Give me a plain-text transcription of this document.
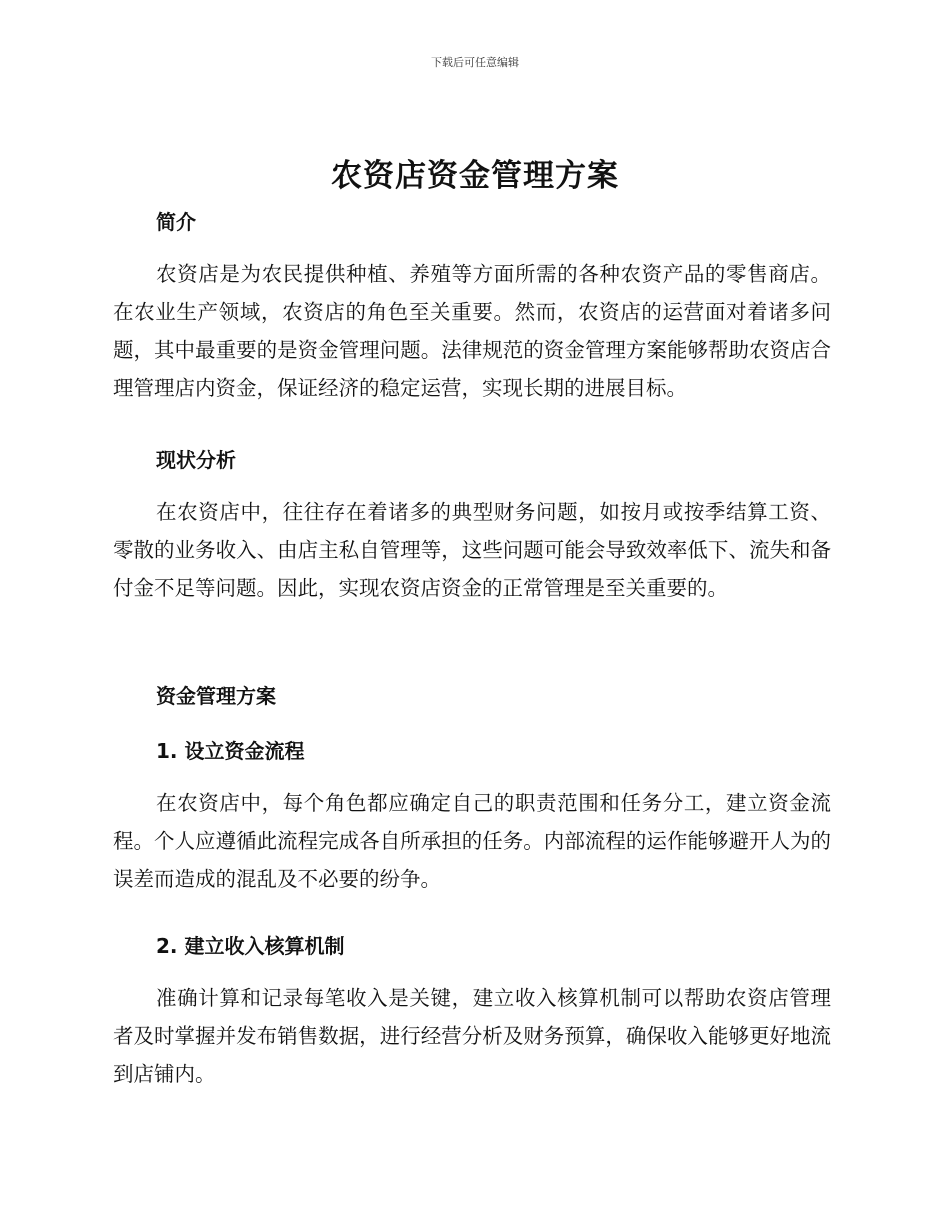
下载后可任意编辑
农资店资金管理方案
简介

农资店是为农民提供种植、养殖等方面所需的各种农资产品的零售商店。在农业生产领域，农资店的角色至关重要。然而，农资店的运营面对着诸多问题，其中最重要的是资金管理问题。法律规范的资金管理方案能够帮助农资店合理管理店内资金，保证经济的稳定运营，实现长期的进展目标。

现状分析

在农资店中，往往存在着诸多的典型财务问题，如按月或按季结算工资、零散的业务收入、由店主私自管理等，这些问题可能会导致效率低下、流失和备付金不足等问题。因此，实现农资店资金的正常管理是至关重要的。

资金管理方案
1. 设立资金流程

在农资店中，每个角色都应确定自己的职责范围和任务分工，建立资金流程。个人应遵循此流程完成各自所承担的任务。内部流程的运作能够避开人为的误差而造成的混乱及不必要的纷争。

2. 建立收入核算机制

准确计算和记录每笔收入是关键，建立收入核算机制可以帮助农资店管理者及时掌握并发布销售数据，进行经营分析及财务预算，确保收入能够更好地流到店铺内。
